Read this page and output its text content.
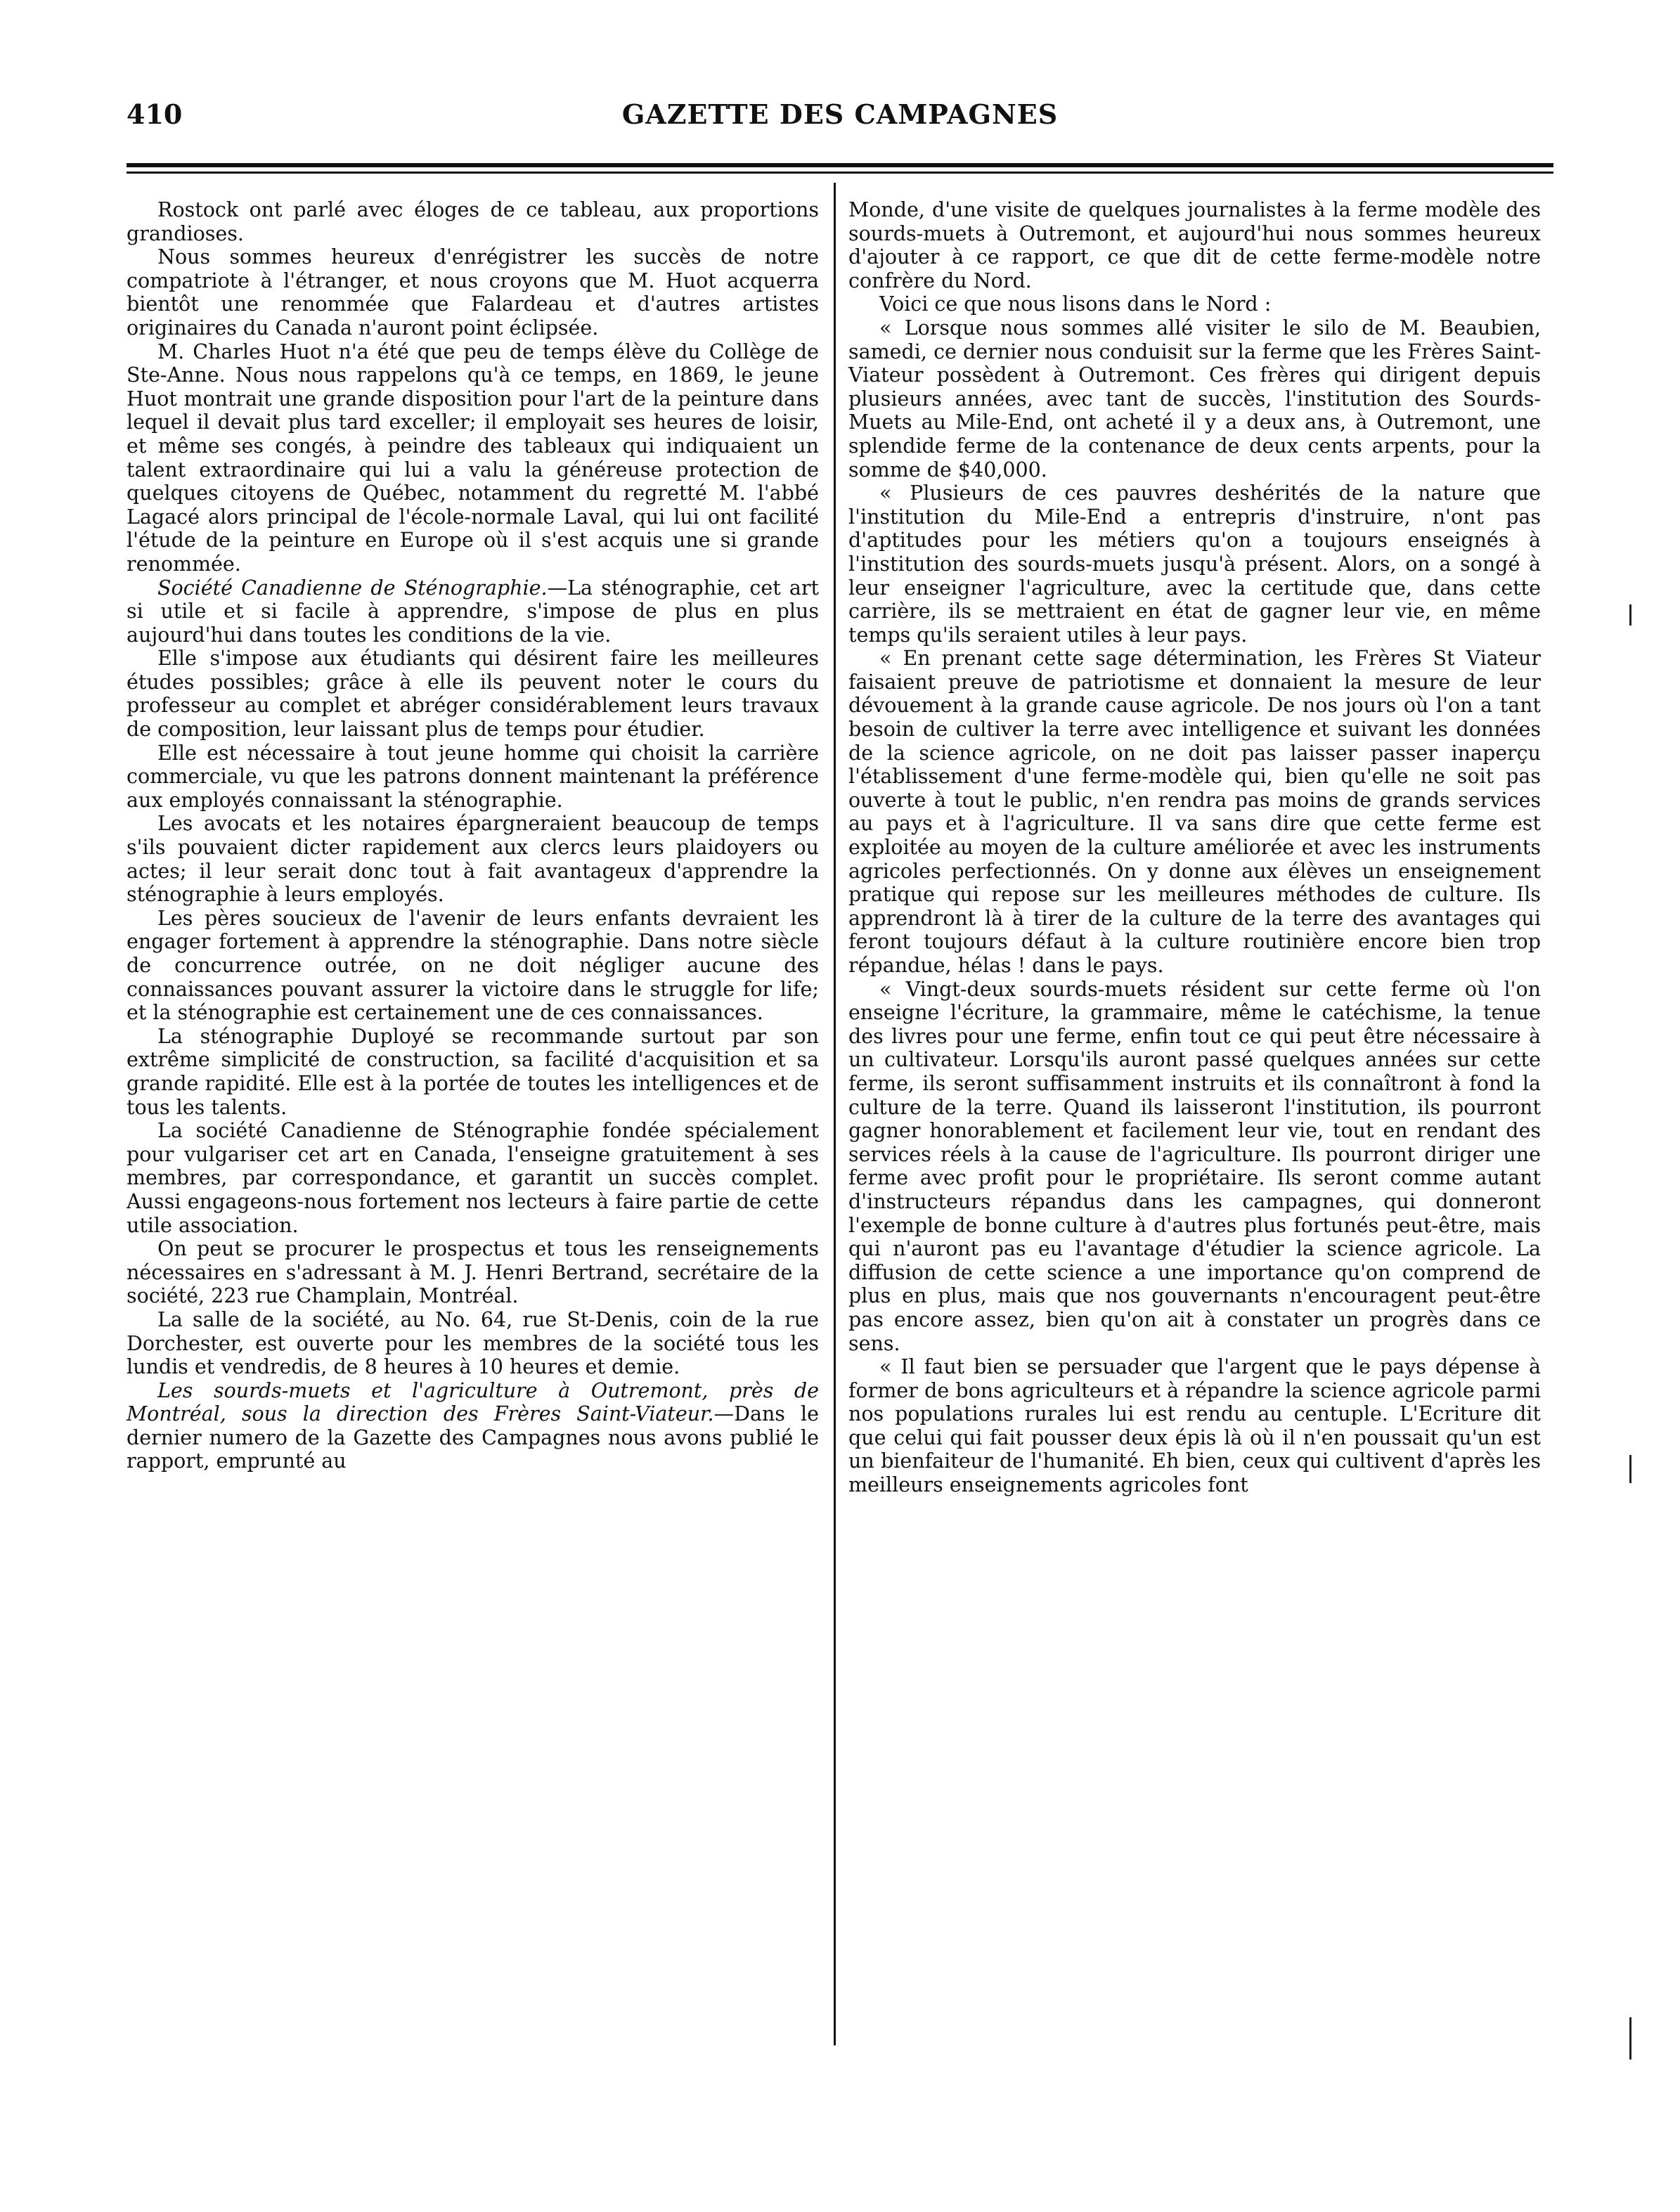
410	GAZETTE DES CAMPAGNES

Rostock ont parlé avec éloges de ce tableau, aux proportions grandioses.

Nous sommes heureux d'enrégistrer les succès de notre compatriote à l'étranger, et nous croyons que M. Huot acquerra bientôt une renommée que Falardeau et d'autres artistes originaires du Canada n'auront point éclipsée.

M. Charles Huot n'a été que peu de temps élève du Collège de Ste-Anne. Nous nous rappelons qu'à ce temps, en 1869, le jeune Huot montrait une grande disposition pour l'art de la peinture dans lequel il devait plus tard exceller; il employait ses heures de loisir, et même ses congés, à peindre des tableaux qui indiquaient un talent extraordinaire qui lui a valu la généreuse protection de quelques citoyens de Québec, notamment du regretté M. l'abbé Lagacé alors principal de l'école-normale Laval, qui lui ont facilité l'étude de la peinture en Europe où il s'est acquis une si grande renommée.

Société Canadienne de Sténographie.—La sténographie, cet art si utile et si facile à apprendre, s'impose de plus en plus aujourd'hui dans toutes les conditions de la vie.

Elle s'impose aux étudiants qui désirent faire les meilleures études possibles; grâce à elle ils peuvent noter le cours du professeur au complet et abréger considérablement leurs travaux de composition, leur laissant plus de temps pour étudier.

Elle est nécessaire à tout jeune homme qui choisit la carrière commerciale, vu que les patrons donnent maintenant la préférence aux employés connaissant la sténographie.

Les avocats et les notaires épargneraient beaucoup de temps s'ils pouvaient dicter rapidement aux clercs leurs plaidoyers ou actes; il leur serait donc tout à fait avantageux d'apprendre la sténographie à leurs employés.

Les pères soucieux de l'avenir de leurs enfants devraient les engager fortement à apprendre la sténographie. Dans notre siècle de concurrence outrée, on ne doit négliger aucune des connaissances pouvant assurer la victoire dans le struggle for life; et la sténographie est certainement une de ces connaissances.

La sténographie Duployé se recommande surtout par son extrême simplicité de construction, sa facilité d'acquisition et sa grande rapidité. Elle est à la portée de toutes les intelligences et de tous les talents.

La société Canadienne de Sténographie fondée spécialement pour vulgariser cet art en Canada, l'enseigne gratuitement à ses membres, par correspondance, et garantit un succès complet. Aussi engageons-nous fortement nos lecteurs à faire partie de cette utile association.

On peut se procurer le prospectus et tous les renseignements nécessaires en s'adressant à M. J. Henri Bertrand, secrétaire de la société, 223 rue Champlain, Montréal.

La salle de la société, au No. 64, rue St-Denis, coin de la rue Dorchester, est ouverte pour les membres de la société tous les lundis et vendredis, de 8 heures à 10 heures et demie.

Les sourds-muets et l'agriculture à Outremont, près de Montréal, sous la direction des Frères Saint-Viateur.—Dans le dernier numero de la Gazette des Campagnes nous avons publié le rapport, emprunté au

Monde, d'une visite de quelques journalistes à la ferme modèle des sourds-muets à Outremont, et aujourd'hui nous sommes heureux d'ajouter à ce rapport, ce que dit de cette ferme-modèle notre confrère du Nord.

Voici ce que nous lisons dans le Nord :

« Lorsque nous sommes allé visiter le silo de M. Beaubien, samedi, ce dernier nous conduisit sur la ferme que les Frères Saint-Viateur possèdent à Outremont. Ces frères qui dirigent depuis plusieurs années, avec tant de succès, l'institution des Sourds-Muets au Mile-End, ont acheté il y a deux ans, à Outremont, une splendide ferme de la contenance de deux cents arpents, pour la somme de $40,000.

« Plusieurs de ces pauvres deshérités de la nature que l'institution du Mile-End a entrepris d'instruire, n'ont pas d'aptitudes pour les métiers qu'on a toujours enseignés à l'institution des sourds-muets jusqu'à présent. Alors, on a songé à leur enseigner l'agriculture, avec la certitude que, dans cette carrière, ils se mettraient en état de gagner leur vie, en même temps qu'ils seraient utiles à leur pays.

« En prenant cette sage détermination, les Frères St Viateur faisaient preuve de patriotisme et donnaient la mesure de leur dévouement à la grande cause agricole. De nos jours où l'on a tant besoin de cultiver la terre avec intelligence et suivant les données de la science agricole, on ne doit pas laisser passer inaperçu l'établissement d'une ferme-modèle qui, bien qu'elle ne soit pas ouverte à tout le public, n'en rendra pas moins de grands services au pays et à l'agriculture. Il va sans dire que cette ferme est exploitée au moyen de la culture améliorée et avec les instruments agricoles perfectionnés. On y donne aux élèves un enseignement pratique qui repose sur les meilleures méthodes de culture. Ils apprendront là à tirer de la culture de la terre des avantages qui feront toujours défaut à la culture routinière encore bien trop répandue, hélas ! dans le pays.

« Vingt-deux sourds-muets résident sur cette ferme où l'on enseigne l'écriture, la grammaire, même le catéchisme, la tenue des livres pour une ferme, enfin tout ce qui peut être nécessaire à un cultivateur. Lorsqu'ils auront passé quelques années sur cette ferme, ils seront suffisamment instruits et ils connaîtront à fond la culture de la terre. Quand ils laisseront l'institution, ils pourront gagner honorablement et facilement leur vie, tout en rendant des services réels à la cause de l'agriculture. Ils pourront diriger une ferme avec profit pour le propriétaire. Ils seront comme autant d'instructeurs répandus dans les campagnes, qui donneront l'exemple de bonne culture à d'autres plus fortunés peut-être, mais qui n'auront pas eu l'avantage d'étudier la science agricole. La diffusion de cette science a une importance qu'on comprend de plus en plus, mais que nos gouvernants n'encouragent peut-être pas encore assez, bien qu'on ait à constater un progrès dans ce sens.

« Il faut bien se persuader que l'argent que le pays dépense à former de bons agriculteurs et à répandre la science agricole parmi nos populations rurales lui est rendu au centuple. L'Ecriture dit que celui qui fait pousser deux épis là où il n'en poussait qu'un est un bienfaiteur de l'humanité. Eh bien, ceux qui cultivent d'après les meilleurs enseignements agricoles font
